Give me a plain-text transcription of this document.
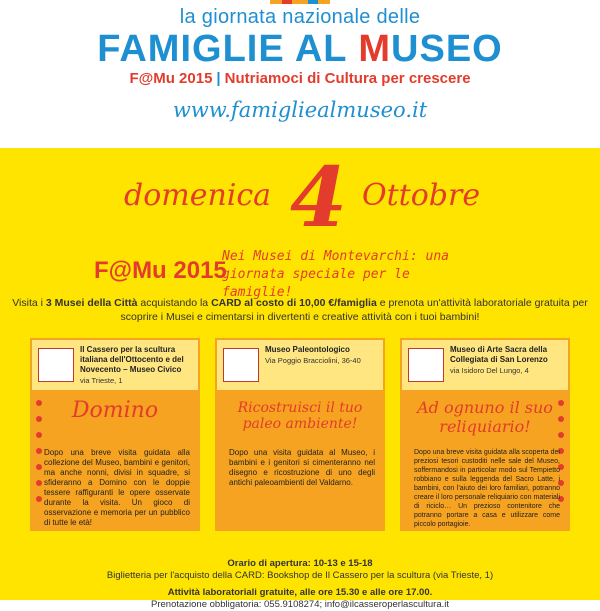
la giornata nazionale delle
FAMIGLIE AL MUSEO
F@Mu 2015 | Nutriamoci di Cultura per crescere
www.famigliealmuseo.it
domenica 4 Ottobre
F@Mu 2015
Nei Musei di Montevarchi: una giornata speciale per le famiglie!
Visita i 3 Musei della Città acquistando la CARD al costo di 10,00 €/famiglia e prenota un'attività laboratoriale gratuita per scoprire i Musei e cimentarsi in divertenti e creative attività con i tuoi bambini!
Il Cassero per la scultura italiana dell'Ottocento e del Novecento – Museo Civico
via Trieste, 1
Domino
Dopo una breve visita guidata alla collezione del Museo, bambini e genitori, ma anche nonni, divisi in squadre, si sfideranno a Domino con le doppie tessere raffiguranti le opere osservate durante la visita. Un gioco di osservazione e memoria per un pubblico di tutte le età!
Museo Paleontologico
Via Poggio Bracciolini, 36-40
Ricostruisci il tuo paleo ambiente!
Dopo una visita guidata al Museo, i bambini e i genitori si cimenteranno nel disegno e ricostruzione di uno degli antichi paleoambienti del Valdarno.
Museo di Arte Sacra della Collegiata di San Lorenzo
via Isidoro Del Lungo, 4
Ad ognuno il suo reliquiario!
Dopo una breve visita guidata alla scoperta dei preziosi tesori custoditi nelle sale del Museo, soffermandosi in particolar modo sul Tempietto robbiano e sulla leggenda del Sacro Latte, i bambini, con l'aiuto dei loro familiari, potranno creare il loro personale reliquiario con materiali di riciclo… Un prezioso contenitore che potranno portare a casa e utilizzare come piccolo portagioie.
Orario di apertura: 10-13 e 15-18
Biglietteria per l'acquisto della CARD: Bookshop de Il Cassero per la scultura (via Trieste, 1)
Attività laboratoriali gratuite, alle ore 15.30 e alle ore 17.00.
Prenotazione obbligatoria: 055.9108274; info@ilcasseroperlascultura.it
